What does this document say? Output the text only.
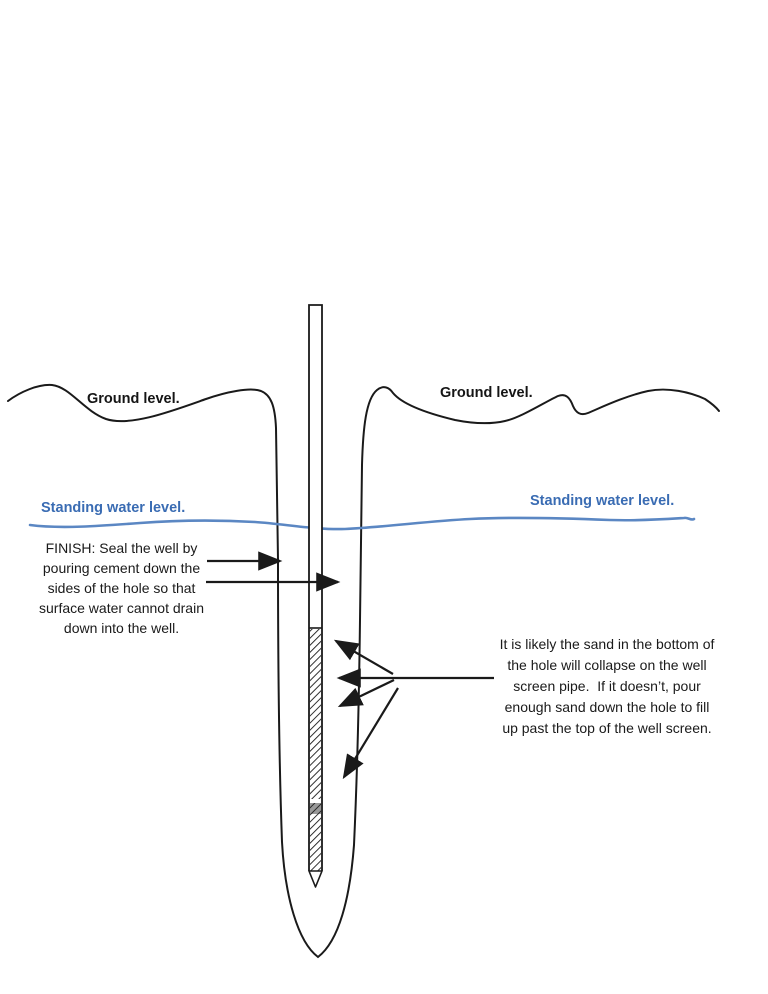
Ground level.	Ground level.
Standing water level.	Standing water level.
FINISH: Seal the well by
pouring cement down the
sides of the hole so that
surface water cannot drain
down into the well.
It is likely the sand in the bottom of
the hole will collapse on the well
screen pipe.  If it doesn’t, pour
enough sand down the hole to fill
up past the top of the well screen.
